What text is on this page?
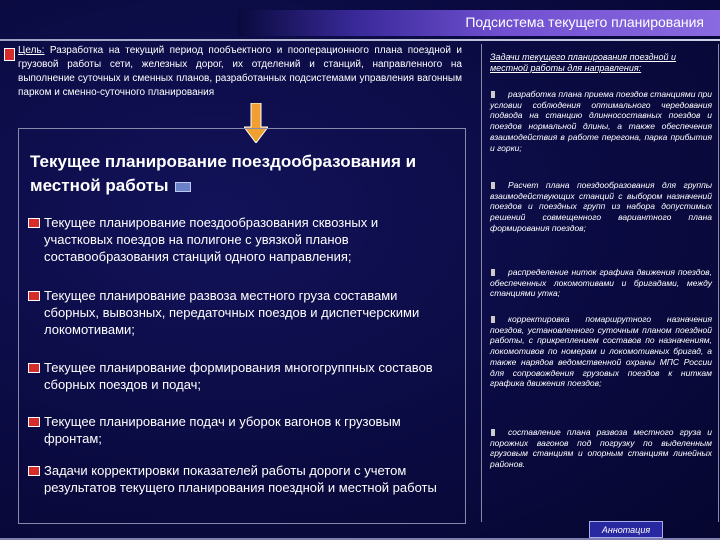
Подсистема текущего планирования
Цель: Разработка на текущий период пообъектного и пооперационного плана поездной и грузовой работы сети, железных дорог, их отделений и станций, направленного на выполнение суточных и сменных планов, разработанных подсистемами управления вагонным парком и сменно-суточного планирования
Текущее планирование поездообразования и местной работы
Текущее планирование поездообразования сквозных и участковых поездов на полигоне с увязкой планов составообразования станций одного направления;
Текущее планирование развоза местного груза составами сборных, вывозных, передаточных поездов и диспетчерскими локомотивами;
Текущее планирование формирования многогруппных составов сборных поездов и подач;
Текущее планирование подач и уборок вагонов к грузовым фронтам;
Задачи корректировки показателей работы дороги с учетом результатов текущего планирования поездной и местной работы
Задачи текущего планирования поездной и местной работы для направления:
разработка плана приема поездов станциями при условии соблюдения оптимального чередования подвода на станцию длинносоставных поездов и поездов нормальной длины, а также обеспечения взаимодействия в работе перегона, парка прибытия и горки;
Расчет плана поездообразования для группы взаимодействующих станций с выбором назначений поездов и поездных групп из набора допустимых решений совмещенного вариантного плана формирования поездов;
распределение ниток графика движения поездов, обеспеченных локомотивами и бригадами, между станциями утка;
корректировка помаршрутного назначения поездов, установленного суточным планом поездной работы, с прикреплением составов по назначениям, локомотивов по номерам и локомотивных бригад, а также нарядов ведомственной охраны МПС России для сопровождения грузовых поездов к ниткам графика движения поездов;
составление плана развоза местного груза и порожних вагонов под погрузку по выделенным грузовым станциям и опорным станциям линейных районов.
Аннотация
